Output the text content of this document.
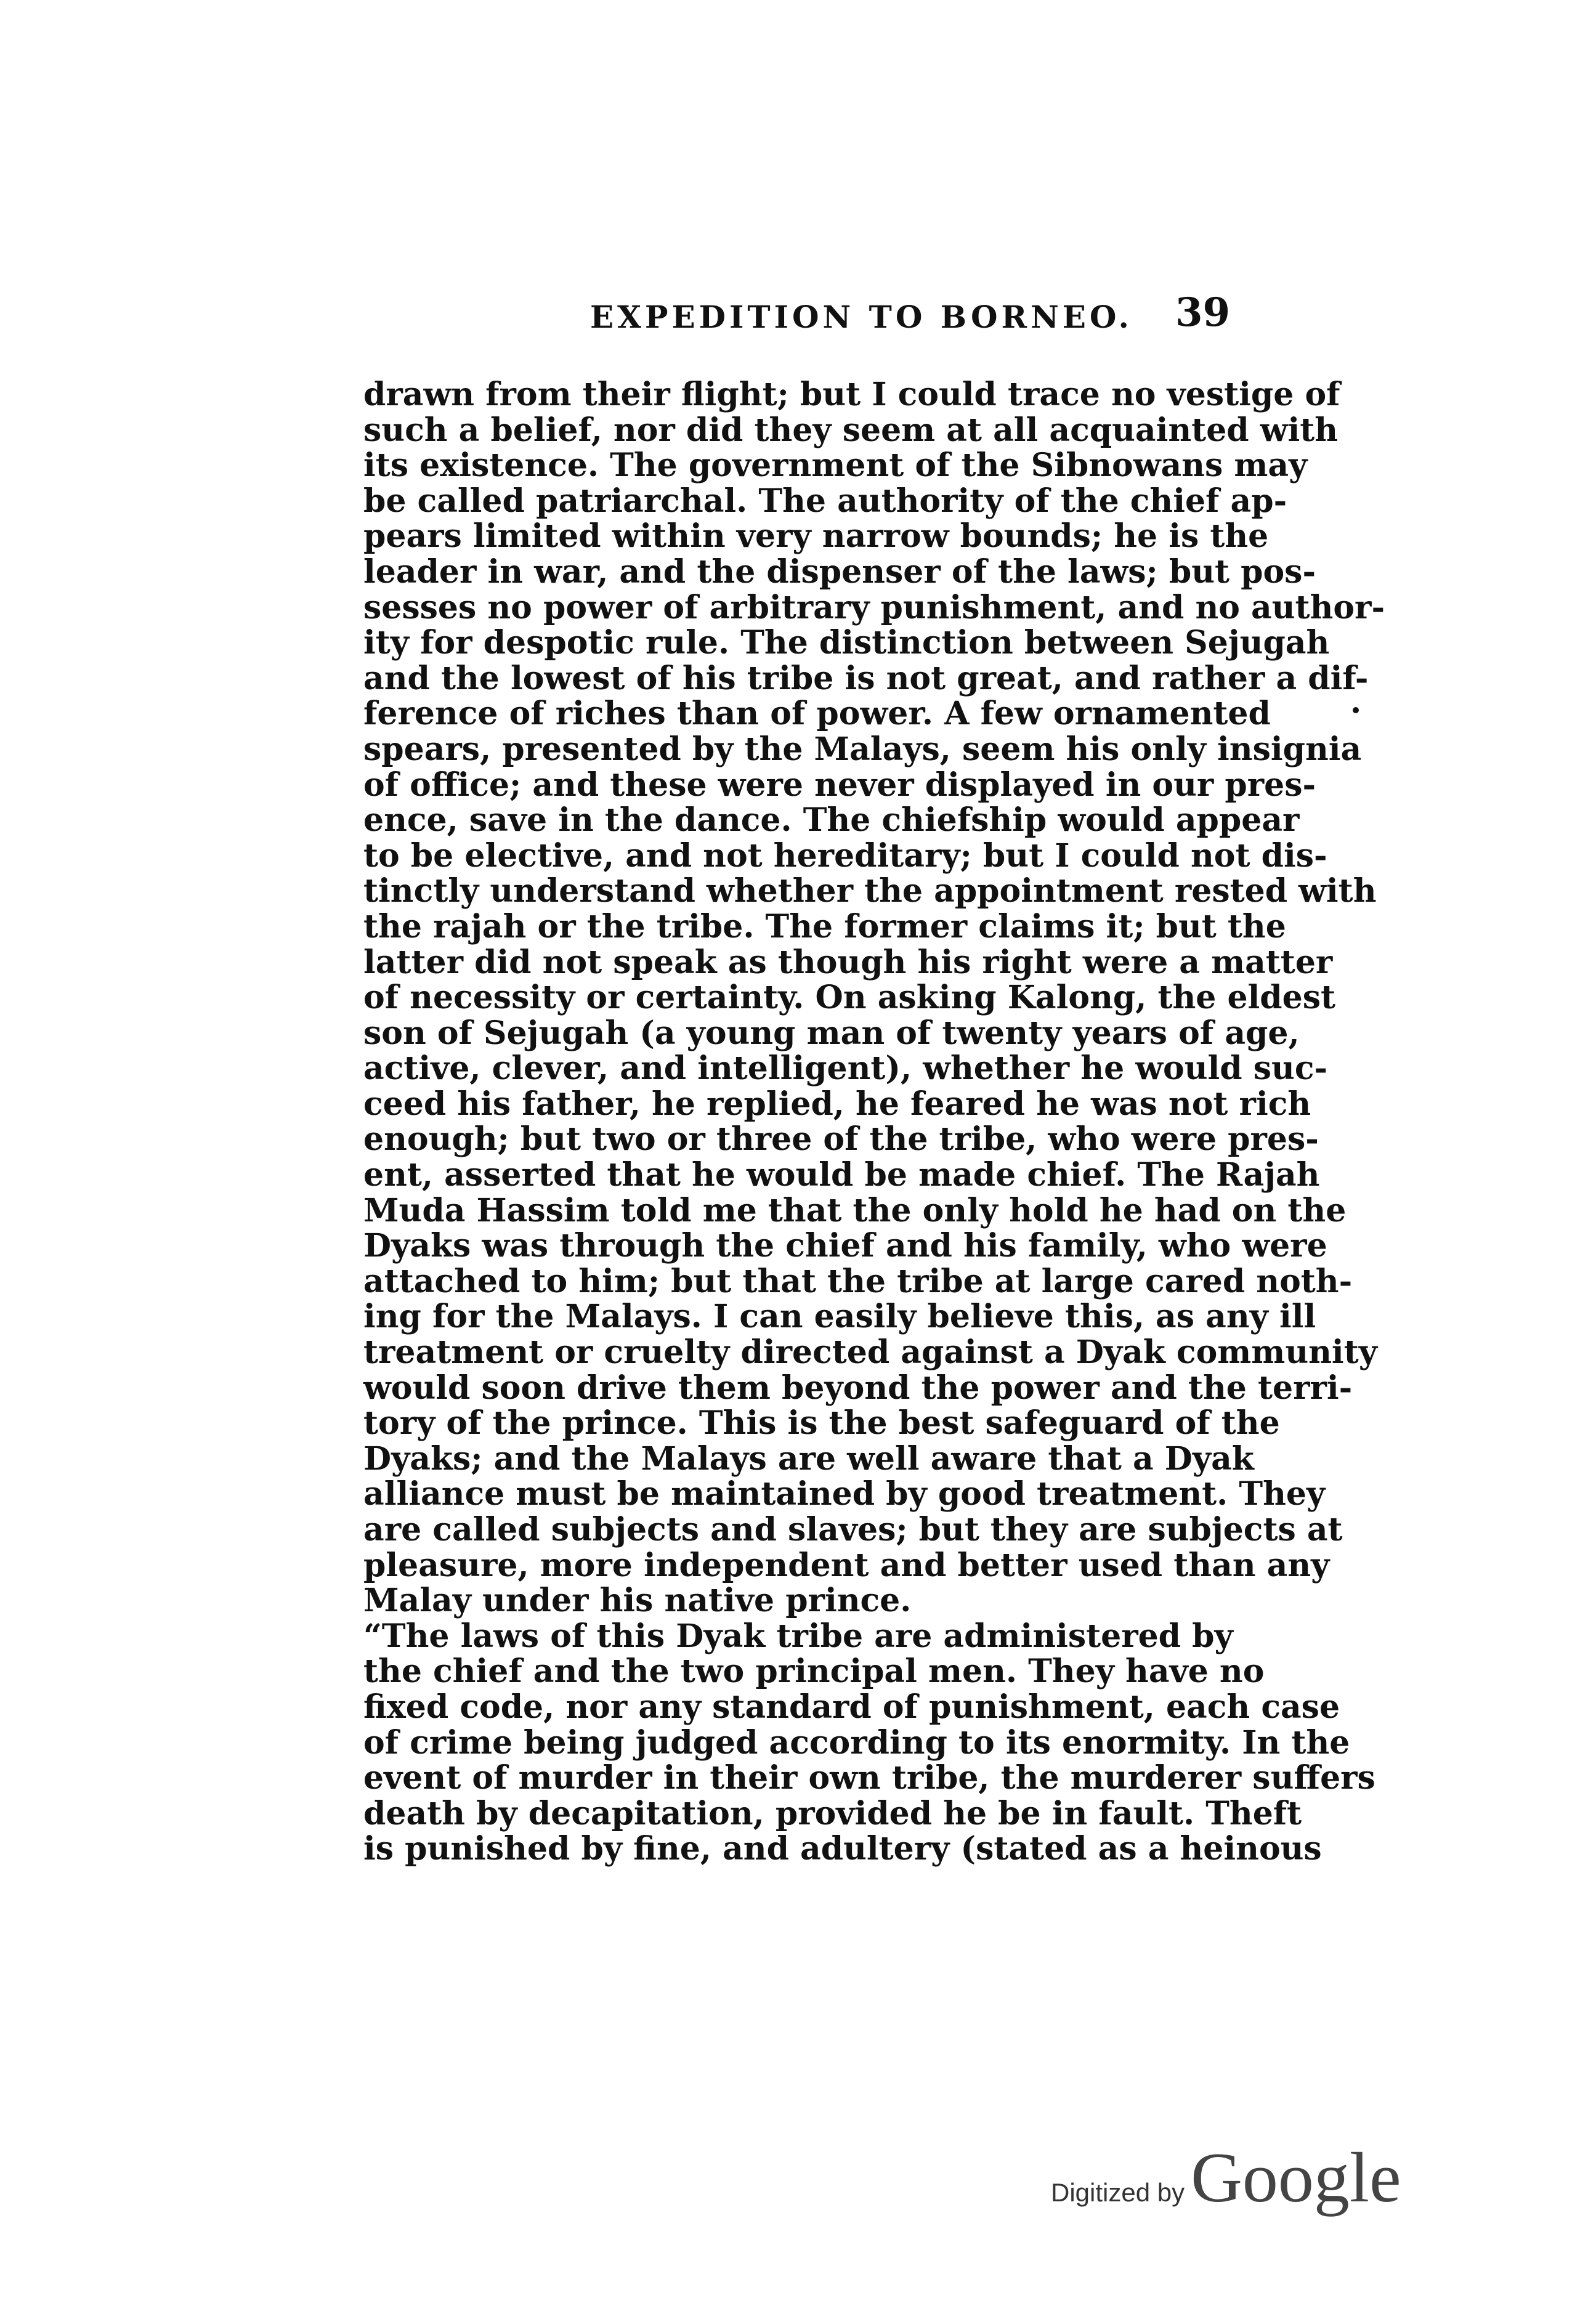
EXPEDITION TO BORNEO. 39
drawn from their flight; but I could trace no vestige of
such a belief, nor did they seem at all acquainted with
its existence. The government of the Sibnowans may
be called patriarchal. The authority of the chief ap-
pears limited within very narrow bounds; he is the
leader in war, and the dispenser of the laws; but pos-
sesses no power of arbitrary punishment, and no author-
ity for despotic rule. The distinction between Sejugah
and the lowest of his tribe is not great, and rather a dif-
ference of riches than of power. A few ornamented
spears, presented by the Malays, seem his only insignia
of office; and these were never displayed in our pres-
ence, save in the dance. The chiefship would appear
to be elective, and not hereditary; but I could not dis-
tinctly understand whether the appointment rested with
the rajah or the tribe. The former claims it; but the
latter did not speak as though his right were a matter
of necessity or certainty. On asking Kalong, the eldest
son of Sejugah (a young man of twenty years of age,
active, clever, and intelligent), whether he would suc-
ceed his father, he replied, he feared he was not rich
enough; but two or three of the tribe, who were pres-
ent, asserted that he would be made chief. The Rajah
Muda Hassim told me that the only hold he had on the
Dyaks was through the chief and his family, who were
attached to him; but that the tribe at large cared noth-
ing for the Malays. I can easily believe this, as any ill
treatment or cruelty directed against a Dyak community
would soon drive them beyond the power and the terri-
tory of the prince. This is the best safeguard of the
Dyaks; and the Malays are well aware that a Dyak
alliance must be maintained by good treatment. They
are called subjects and slaves; but they are subjects at
pleasure, more independent and better used than any
Malay under his native prince.
“The laws of this Dyak tribe are administered by
the chief and the two principal men. They have no
fixed code, nor any standard of punishment, each case
of crime being judged according to its enormity. In the
event of murder in their own tribe, the murderer suffers
death by decapitation, provided he be in fault. Theft
is punished by fine, and adultery (stated as a heinous
Digitized by Google
